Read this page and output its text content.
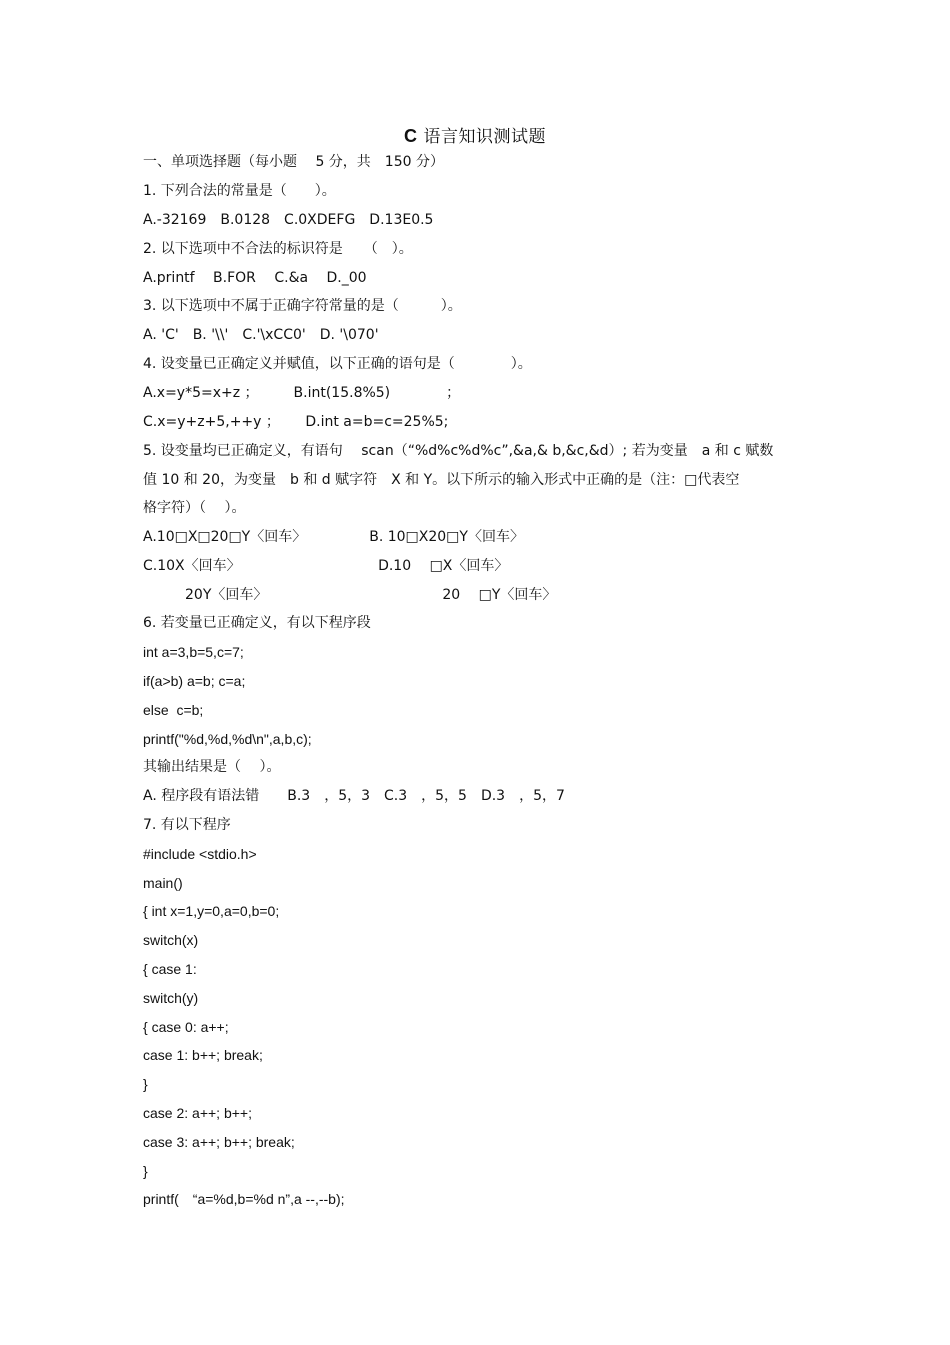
C 语言知识测试题
一、单项选择题（每小题　 5 分，共　150 分）
1. 下列合法的常量是（　　）。
A.-32169　B.0128　C.0XDEFG　D.13E0.5
2. 以下选项中不合法的标识符是　　（　）。
A.printf　 B.FOR　 C.&a　 D._00
3. 以下选项中不属于正确字符常量的是（　　　）。
A. 'C'　B. '\\'　C.'\xCC0'　D. '\070'
4. 设变量已正确定义并赋值，以下正确的语句是（　　　　）。
A.x=y*5=x+z ；　　　B.int(15.8%5)　　　　；
C.x=y+z+5,++y ；　　 D.int a=b=c=25%5;
5. 设变量均已正确定义，有语句　 scan（“%d%c%d%c”,&a,& b,&c,&d）; 若为变量　a 和 c 赋数
值 10 和 20，为变量　b 和 d 赋字符　X 和 Y。以下所示的输入形式中正确的是（注：□代表空
格字符）（　 ）。
A.10□X□20□Y〈回车〉　　　　　B. 10□X20□Y〈回车〉
C.10X〈回车〉　　　　　　　　　　 D.10　 □X〈回车〉
　　　20Y〈回车〉　　　　　　　　　　　　　20　 □Y〈回车〉
6. 若变量已正确定义，有以下程序段
int a=3,b=5,c=7;
if(a>b) a=b; c=a;
else  c=b;
printf("%d,%d,%d\n",a,b,c);
其输出结果是（　 ）。
A. 程序段有语法错　　B.3　，5，3　C.3　，5，5　D.3　，5，7
7. 有以下程序
#include <stdio.h>
main()
{ int x=1,y=0,a=0,b=0;
switch(x)
{ case 1:
switch(y)
{ case 0: a++;
case 1: b++; break;
}
case 2: a++; b++;
case 3: a++; b++; break;
}
printf(　“a=%d,b=%d n”,a --,--b);
